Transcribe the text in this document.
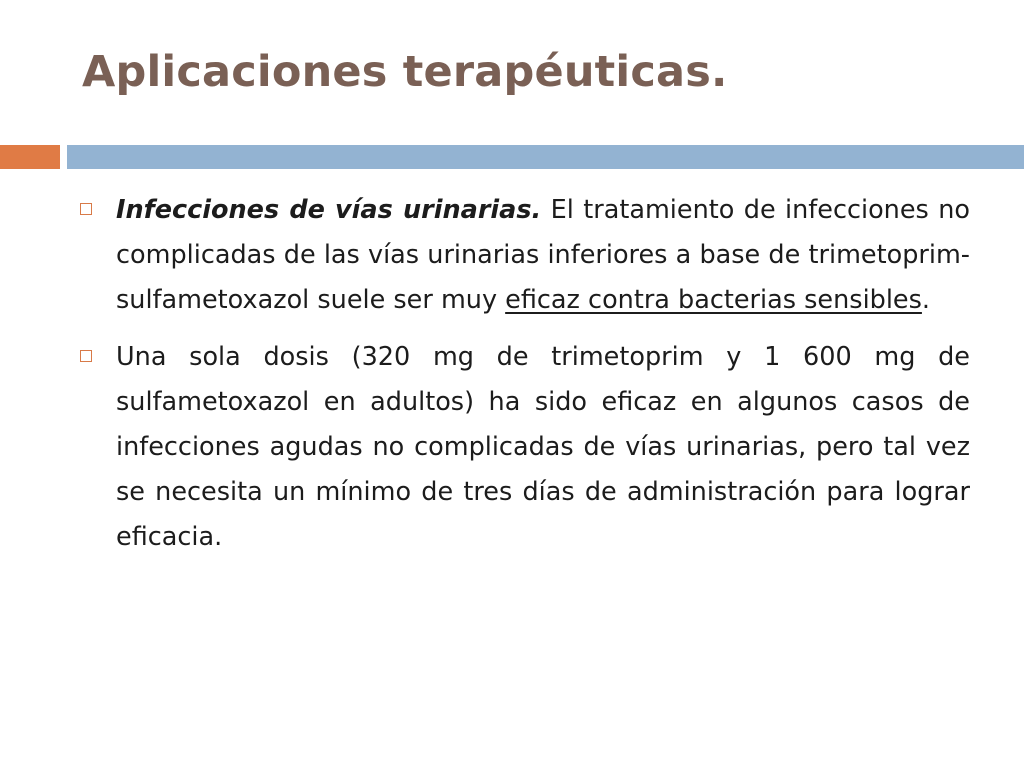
Aplicaciones terapéuticas.
Infecciones de vías urinarias. El tratamiento de infecciones no complicadas de las vías urinarias inferiores a base de trimetoprim-sulfametoxazol suele ser muy eficaz contra bacterias sensibles.
Una sola dosis (320 mg de trimetoprim y 1 600 mg de sulfametoxazol en adultos) ha sido eficaz en algunos casos de infecciones agudas no complicadas de vías urinarias, pero tal vez se necesita un mínimo de tres días de administración para lograr eficacia.
